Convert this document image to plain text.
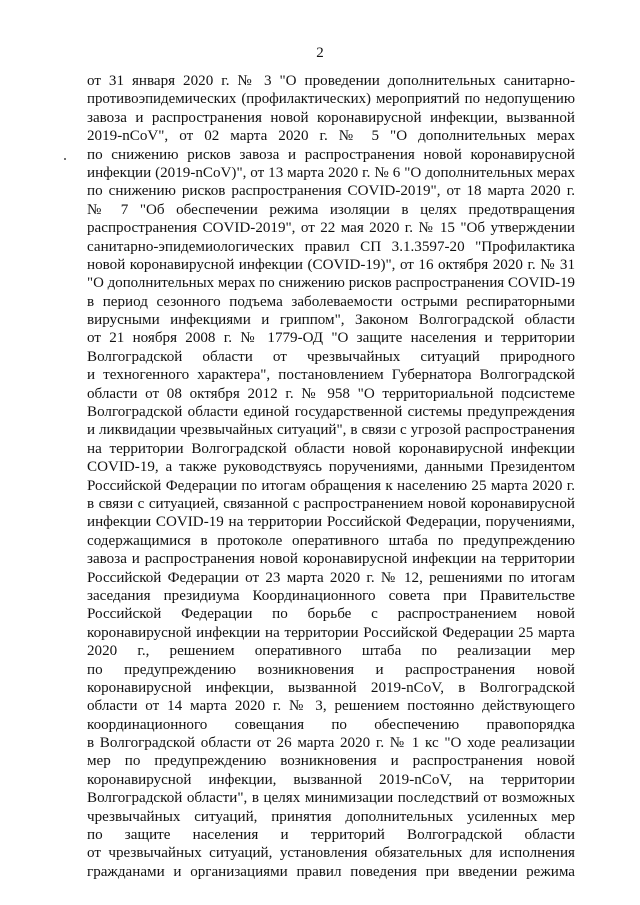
2
от 31 января 2020 г. № 3 "О проведении дополнительных санитарно-
противоэпидемических (профилактических) мероприятий по недопущению
завоза и распространения новой коронавирусной инфекции, вызванной
2019-nCoV", от 02 марта 2020 г. № 5 "О дополнительных мерах
по снижению рисков завоза и распространения новой коронавирусной
инфекции (2019-nCoV)", от 13 марта 2020 г. № 6 "О дополнительных мерах
по снижению рисков распространения COVID-2019", от 18 марта 2020 г.
№ 7 "Об обеспечении режима изоляции в целях предотвращения
распространения COVID-2019", от 22 мая 2020 г. № 15 "Об утверждении
санитарно-эпидемиологических правил СП 3.1.3597-20 "Профилактика
новой коронавирусной инфекции (COVID-19)", от 16 октября 2020 г. № 31
"О дополнительных мерах по снижению рисков распространения COVID-19
в период сезонного подъема заболеваемости острыми респираторными
вирусными инфекциями и гриппом", Законом Волгоградской области
от 21 ноября 2008 г. № 1779-ОД "О защите населения и территории
Волгоградской области от чрезвычайных ситуаций природного
и техногенного характера", постановлением Губернатора Волгоградской
области от 08 октября 2012 г. № 958 "О территориальной подсистеме
Волгоградской области единой государственной системы предупреждения
и ликвидации чрезвычайных ситуаций", в связи с угрозой распространения
на территории Волгоградской области новой коронавирусной инфекции
COVID-19, а также руководствуясь поручениями, данными Президентом
Российской Федерации по итогам обращения к населению 25 марта 2020 г.
в связи с ситуацией, связанной с распространением новой коронавирусной
инфекции COVID-19 на территории Российской Федерации, поручениями,
содержащимися в протоколе оперативного штаба по предупреждению
завоза и распространения новой коронавирусной инфекции на территории
Российской Федерации от 23 марта 2020 г. № 12, решениями по итогам
заседания президиума Координационного совета при Правительстве
Российской Федерации по борьбе с распространением новой
коронавирусной инфекции на территории Российской Федерации 25 марта
2020 г., решением оперативного штаба по реализации мер
по предупреждению возникновения и распространения новой
коронавирусной инфекции, вызванной 2019-nCoV, в Волгоградской
области от 14 марта 2020 г. № 3, решением постоянно действующего
координационного совещания по обеспечению правопорядка
в Волгоградской области от 26 марта 2020 г. № 1 кс "О ходе реализации
мер по предупреждению возникновения и распространения новой
коронавирусной инфекции, вызванной 2019-nCoV, на территории
Волгоградской области", в целях минимизации последствий от возможных
чрезвычайных ситуаций, принятия дополнительных усиленных мер
по защите населения и территорий Волгоградской области
от чрезвычайных ситуаций, установления обязательных для исполнения
гражданами и организациями правил поведения при введении режима
